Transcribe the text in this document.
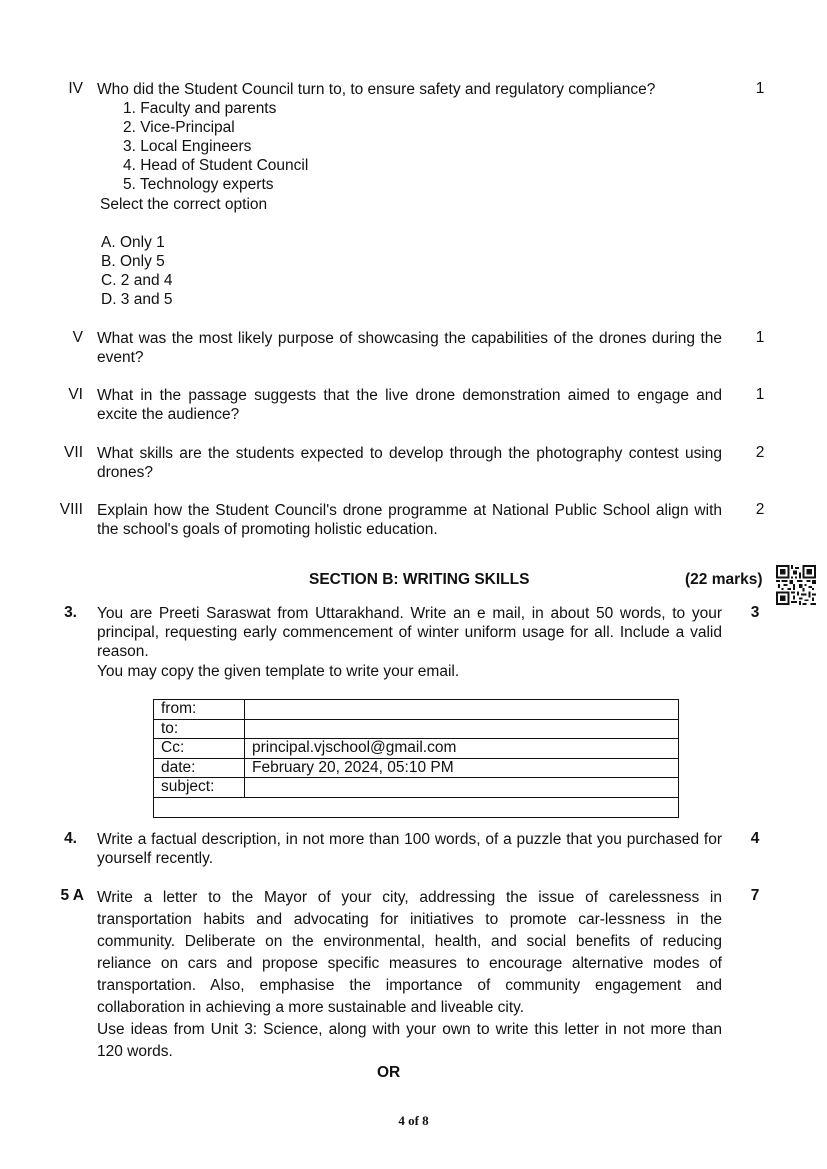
IV Who did the Student Council turn to, to ensure safety and regulatory compliance?	1
1. Faculty and parents
2. Vice-Principal
3. Local Engineers
4. Head of Student Council
5. Technology experts
Select the correct option
A. Only 1
B. Only 5
C. 2 and 4
D. 3 and 5
V What was the most likely purpose of showcasing the capabilities of the drones during the event?
1
VI What in the passage suggests that the live drone demonstration aimed to engage and excite the audience?
1
VII What skills are the students expected to develop through the photography contest using drones?
2
VIII Explain how the Student Council's drone programme at National Public School align with the school's goals of promoting holistic education.
2
SECTION B: WRITING SKILLS	(22 marks)
3. You are Preeti Saraswat from Uttarakhand. Write an e mail, in about 50 words, to your principal, requesting early commencement of winter uniform usage for all. Include a valid reason.
You may copy the given template to write your email.
3
from:	
to:	
Cc:	principal.vjschool@gmail.com
date:	February 20, 2024, 05:10 PM
subject:	

4. Write a factual description, in not more than 100 words, of a puzzle that you purchased for yourself recently.
4
5 A Write a letter to the Mayor of your city, addressing the issue of carelessness in transportation habits and advocating for initiatives to promote car-lessness in the community. Deliberate on the environmental, health, and social benefits of reducing reliance on cars and propose specific measures to encourage alternative modes of transportation. Also, emphasise the importance of community engagement and collaboration in achieving a more sustainable and liveable city.
Use ideas from Unit 3: Science, along with your own to write this letter in not more than 120 words.
7
OR
4 of 8
